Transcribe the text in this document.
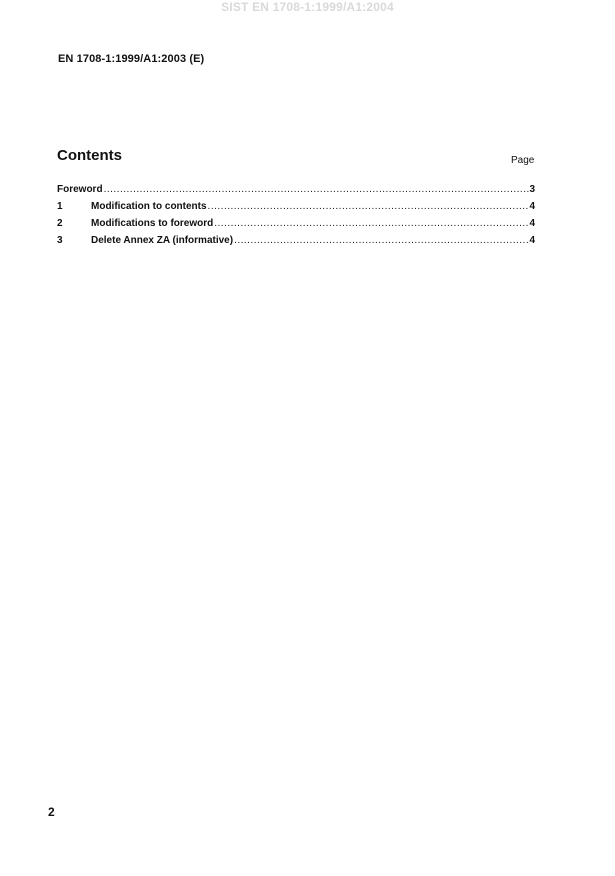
SIST EN 1708-1:1999/A1:2004
EN 1708-1:1999/A1:2003 (E)
Contents	Page
Foreword .....	3
1	Modification to contents .....	4
2	Modifications to foreword .....	4
3	Delete Annex ZA (informative) .....	4
2
